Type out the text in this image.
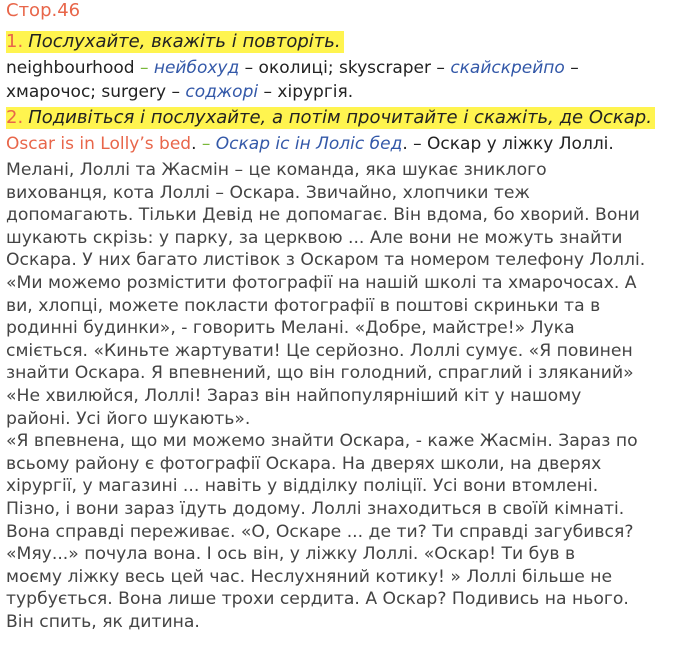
Стор.46
1. Послухайте, вкажіть і повторіть.
neighbourhood – нейбохуд – околиці; skyscraper – скайскрейпо –
хмарочос; surgery – соджорі – хірургія.
2. Подивіться і послухайте, а потім прочитайте і скажіть, де Оскар.
Oscar is in Lolly’s bed. – Оскар іс ін Лоліс бед. – Оскар у ліжку Лоллі.

Мелані, Лоллі та Жасмін – це команда, яка шукає зниклого
вихованця, кота Лоллі – Оскара. Звичайно, хлопчики теж
допомагають. Тільки Девід не допомагає. Він вдома, бо хворий. Вони
шукають скрізь: у парку, за церквою ... Але вони не можуть знайти
Оскара. У них багато листівок з Оскаром та номером телефону Лоллі.
«Ми можемо розмістити фотографії на нашій школі та хмарочосах. А
ви, хлопці, можете покласти фотографії в поштові скриньки та в
родинні будинки», - говорить Мелані. «Добре, майстре!» Лука
сміється. «Киньте жартувати! Це серйозно. Лоллі сумує. «Я повинен
знайти Оскара. Я впевнений, що він голодний, спраглий і зляканий»
«Не хвилюйся, Лоллі! Зараз він найпопулярніший кіт у нашому
районі. Усі його шукають».

«Я впевнена, що ми можемо знайти Оскара, - каже Жасмін. Зараз по
всьому району є фотографії Оскара. На дверях школи, на дверях
хірургії, у магазині ... навіть у відділку поліції. Усі вони втомлені.
Пізно, і вони зараз їдуть додому. Лоллі знаходиться в своїй кімнаті.
Вона справді переживає. «О, Оскаре ... де ти? Ти справді загубився?
«Мяу...» почула вона. І ось він, у ліжку Лоллі. «Оскар! Ти був в
моєму ліжку весь цей час. Неслухняний котику! » Лоллі більше не
турбується. Вона лише трохи сердита. А Оскар? Подивись на нього.
Він спить, як дитина.
